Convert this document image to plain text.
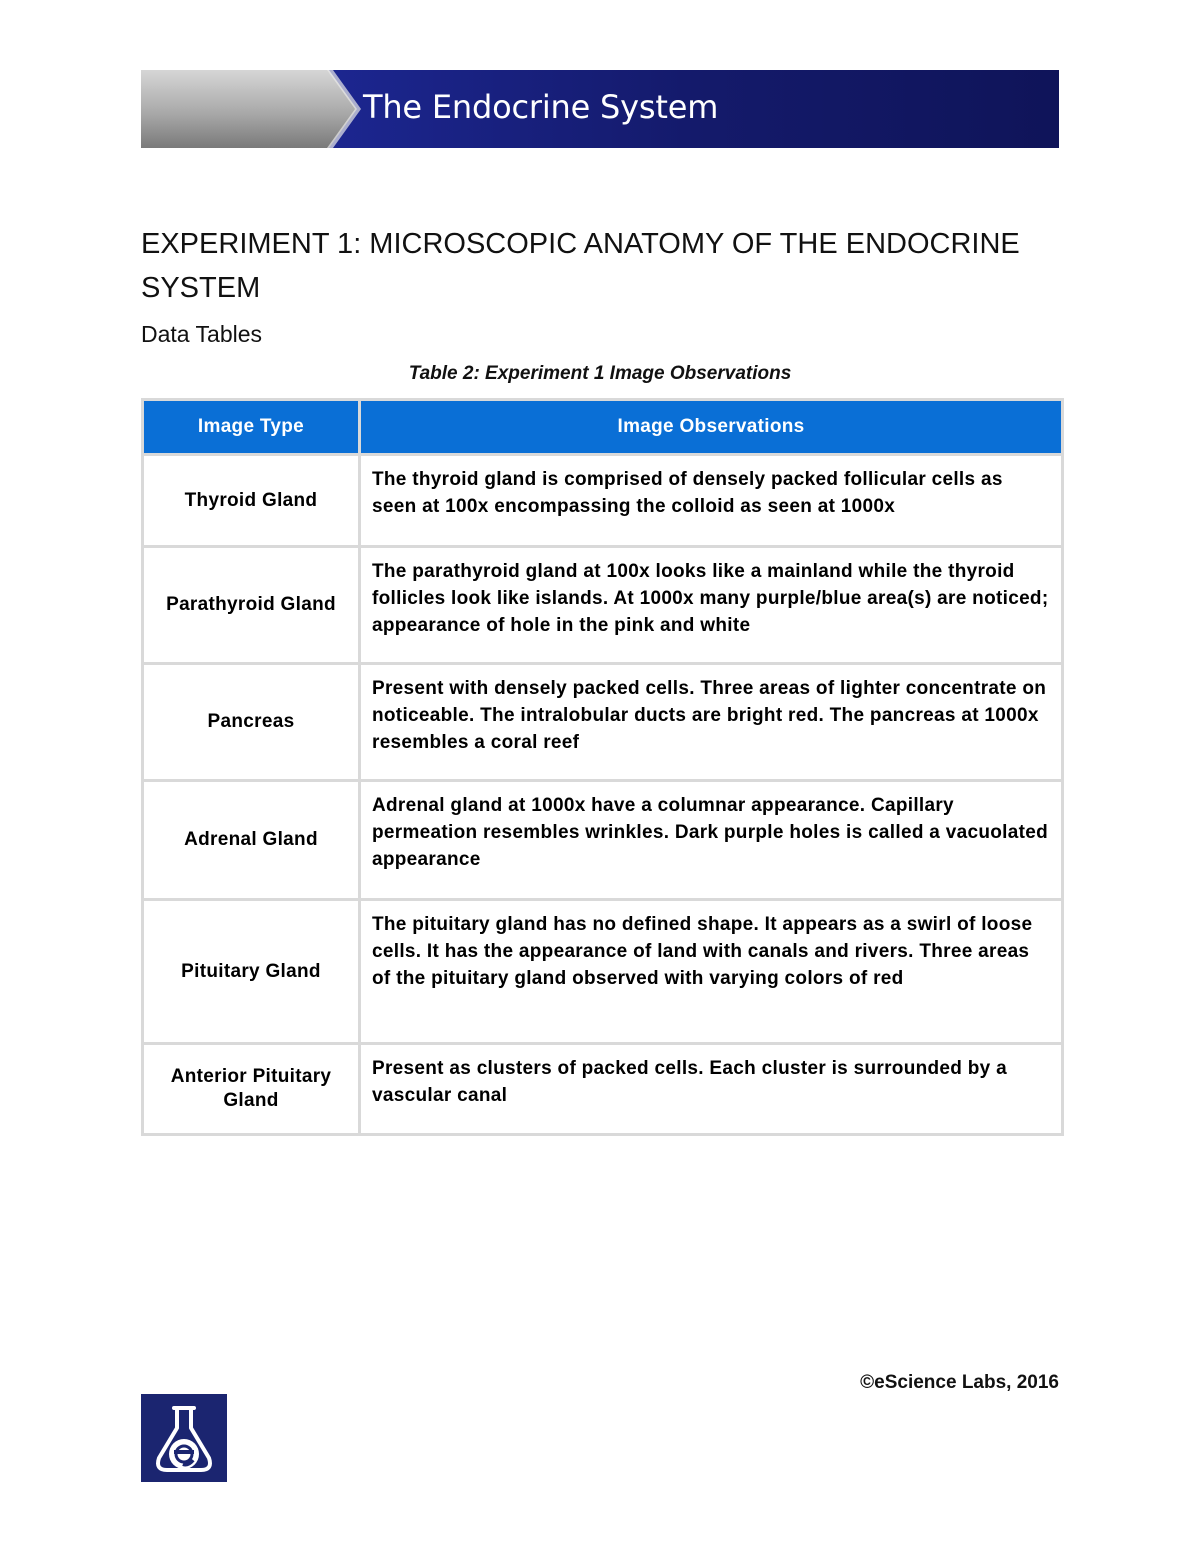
The Endocrine System
EXPERIMENT 1: MICROSCOPIC ANATOMY OF THE ENDOCRINE SYSTEM
Data Tables
Table 2: Experiment 1 Image Observations
Image Type	Image Observations
Thyroid Gland	The thyroid gland is comprised of densely packed follicular cells as seen at 100x encompassing the colloid as seen at 1000x
Parathyroid Gland	The parathyroid gland at 100x looks like a mainland while the thyroid follicles look like islands. At 1000x many purple/blue area(s) are noticed; appearance of hole in the pink and white
Pancreas	Present with densely packed cells. Three areas of lighter concentrate on noticeable. The intralobular ducts are bright red. The pancreas at 1000x resembles a coral reef
Adrenal Gland	Adrenal gland at 1000x have a columnar appearance. Capillary permeation resembles wrinkles. Dark purple holes is called a vacuolated appearance
Pituitary Gland	The pituitary gland has no defined shape. It appears as a swirl of loose cells. It has the appearance of land with canals and rivers. Three areas of the pituitary gland observed with varying colors of red
Anterior Pituitary Gland	Present as clusters of packed cells. Each cluster is surrounded by a vascular canal
©eScience Labs, 2016
